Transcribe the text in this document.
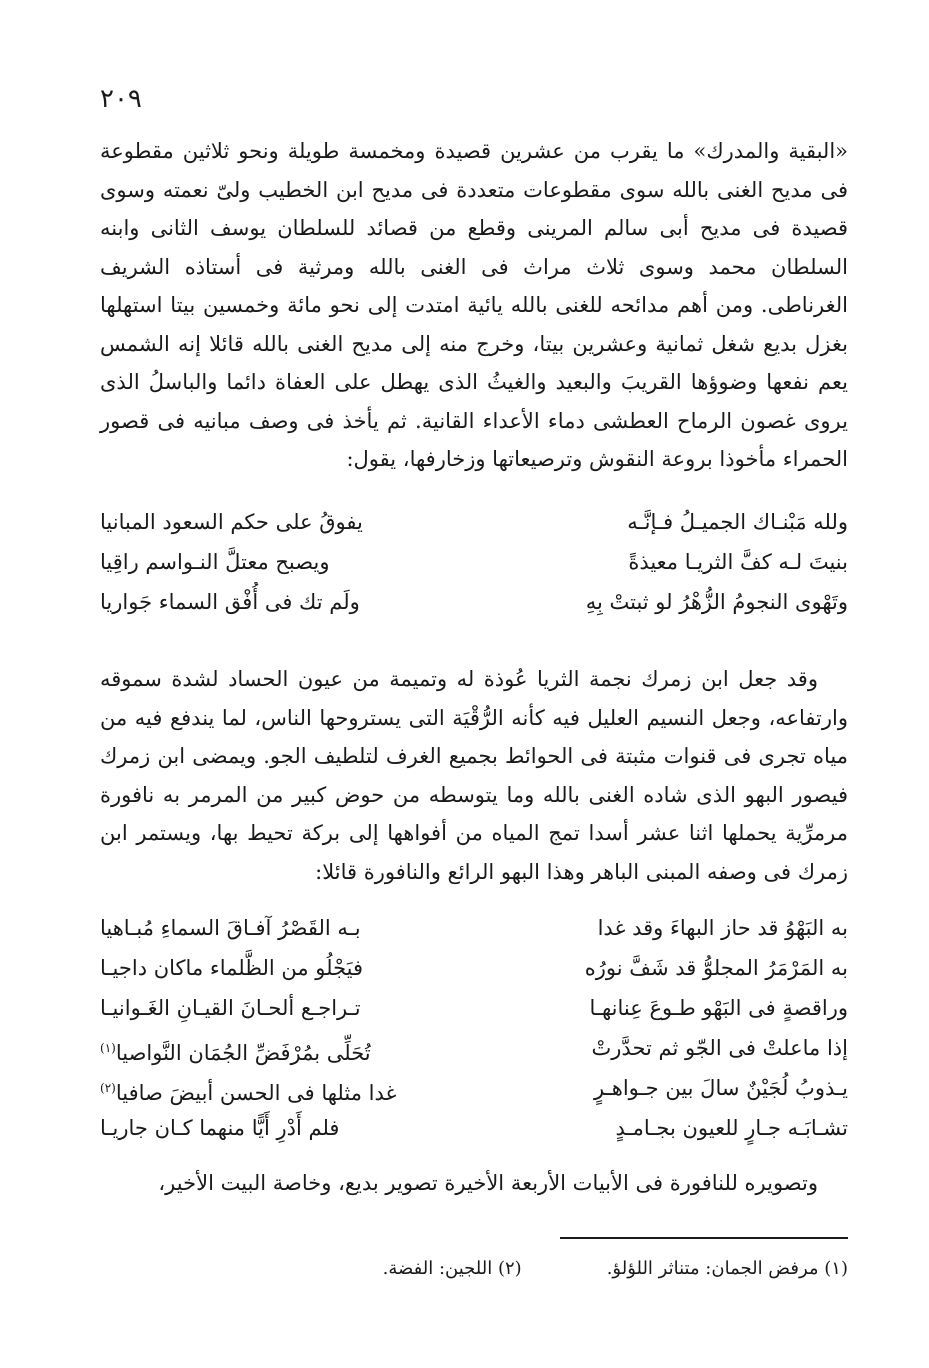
٢٠٩

«البقية والمدرك» ما يقرب من عشرين قصيدة ومخمسة طويلة ونحو ثلاثين مقطوعة فى مديح الغنى بالله سوى مقطوعات متعددة فى مديح ابن الخطيب ولىّ نعمته وسوى قصيدة فى مديح أبى سالم المرينى وقطع من قصائد للسلطان يوسف الثانى وابنه السلطان محمد وسوى ثلاث مراث فى الغنى بالله ومرثية فى أستاذه الشريف الغرناطى. ومن أهم مدائحه للغنى بالله يائية امتدت إلى نحو مائة وخمسين بيتا استهلها بغزل بديع شغل ثمانية وعشرين بيتا، وخرج منه إلى مديح الغنى بالله قائلا إنه الشمس يعم نفعها وضوؤها القريبَ والبعيد والغيثُ الذى يهطل على العفاة دائما والباسلُ الذى يروى غصون الرماح العطشى دماء الأعداء القانية. ثم يأخذ فى وصف مبانيه فى قصور الحمراء مأخوذا بروعة النقوش وترصيعاتها وزخارفها، يقول:

ولله مَبْنـاك الجميـلُ فـإنَّـه
يفوقُ على حكم السعود المبانيا
بنيتَ لـه كفَّ الثريـا معيذةً
ويصبح معتلَّ النـواسم راقِيا
وتَهْوى النجومُ الزُّهْرُ لو ثبتتْ بِهِ
ولَم تك فى أُفْق السماء جَواريا

وقد جعل ابن زمرك نجمة الثريا عُوذة له وتميمة من عيون الحساد لشدة سموقه وارتفاعه، وجعل النسيم العليل فيه كأنه الرُّقْيَة التى يستروحها الناس، لما يندفع فيه من مياه تجرى فى قنوات مثبتة فى الحوائط بجميع الغرف لتلطيف الجو. ويمضى ابن زمرك فيصور البهو الذى شاده الغنى بالله وما يتوسطه من حوض كبير من المرمر به نافورة مرمرِّية يحملها اثنا عشر أسدا تمج المياه من أفواهها إلى بركة تحيط بها، ويستمر ابن زمرك فى وصفه المبنى الباهر وهذا البهو الرائع والنافورة قائلا:

به البَهْوُ قد حاز البهاءَ وقد غدا
بـه القَصْرُ آفـاقَ السماءِ مُبـاهيا
به المَرْمَرُ المجلوُّ قد شَفَّ نورُه
فيَجْلُو من الظَّلماء ماكان داجيـا
وراقصةٍ فى البَهْو طـوعَ عِنانهـا
تـراجـع ألحـانَ القيـانِ الغَـوانيـا
إذا ماعلتْ فى الجّو ثم تحدَّرتْ
تُحَلِّى بمُرْفَضِّ الجُمَان النَّواصيا$^{(١)}$
يـذوبُ لُجَيْنٌ سالَ بين جـواهـرٍ
غدا مثلها فى الحسن أبيضَ صافيا$^{(٢)}$
تشـابَـه جـارٍ للعيون بجـامـدٍ
فلم أَدْرِ أَيًّا منهما كـان جاريـا

وتصويره للنافورة فى الأبيات الأربعة الأخيرة تصوير بديع، وخاصة البيت الأخير،

(١) مرفض الجمان: متناثر اللؤلؤ.
(٢) اللجين: الفضة.
